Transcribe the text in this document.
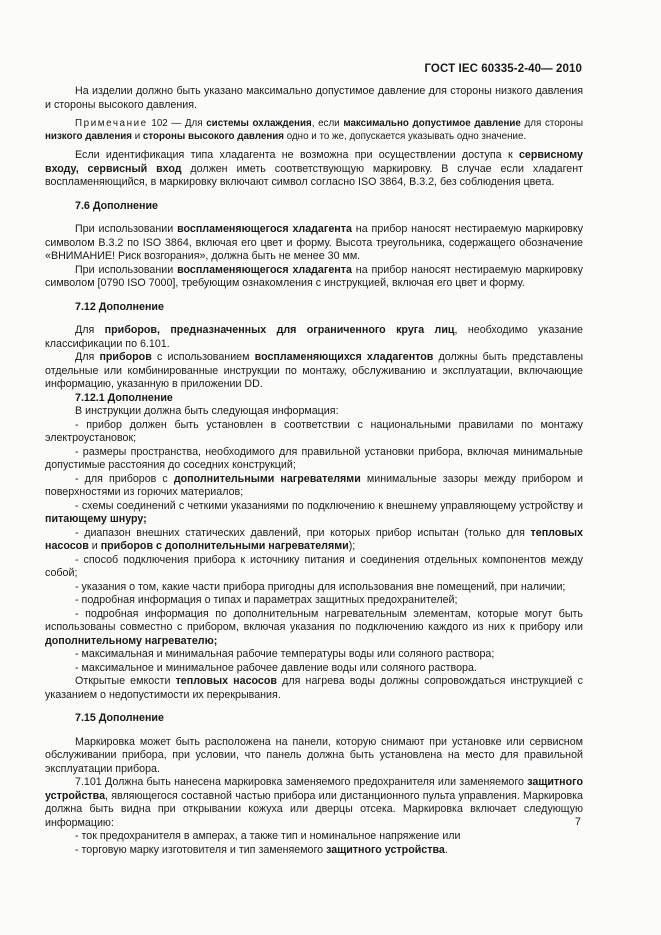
ГОСТ IEC 60335-2-40— 2010

На изделии должно быть указано максимально допустимое давление для стороны низкого давления и стороны высокого давления.

Примечание 102 — Для системы охлаждения, если максимально допустимое давление для стороны низкого давления и стороны высокого давления одно и то же, допускается указывать одно значение.

Если идентификация типа хладагента не возможна при осуществлении доступа к сервисному входу, сервисный вход должен иметь соответствующую маркировку. В случае если хладагент воспламеняющийся, в маркировку включают символ согласно ISO 3864, В.3.2, без соблюдения цвета.

7.6 Дополнение

При использовании воспламеняющегося хладагента на прибор наносят нестираемую маркировку символом В.3.2 по ISO 3864, включая его цвет и форму. Высота треугольника, содержащего обозначение «ВНИМАНИЕ! Риск возгорания», должна быть не менее 30 мм.

При использовании воспламеняющегося хладагента на прибор наносят нестираемую маркировку символом [0790 ISO 7000], требующим ознакомления с инструкцией, включая его цвет и форму.

7.12 Дополнение

Для приборов, предназначенных для ограниченного круга лиц, необходимо указание классификации по 6.101.

Для приборов с использованием воспламеняющихся хладагентов должны быть представлены отдельные или комбинированные инструкции по монтажу, обслуживанию и эксплуатации, включающие информацию, указанную в приложении DD.

7.12.1 Дополнение

В инструкции должна быть следующая информация:

- прибор должен быть установлен в соответствии с национальными правилами по монтажу электроустановок;

- размеры пространства, необходимого для правильной установки прибора, включая минимальные допустимые расстояния до соседних конструкций;

- для приборов с дополнительными нагревателями минимальные зазоры между прибором и поверхностями из горючих материалов;

- схемы соединений с четкими указаниями по подключению к внешнему управляющему устройству и питающему шнуру;

- диапазон внешних статических давлений, при которых прибор испытан (только для тепловых насосов и приборов с дополнительными нагревателями);

- способ подключения прибора к источнику питания и соединения отдельных компонентов между собой;

- указания о том, какие части прибора пригодны для использования вне помещений, при наличии;

- подробная информация о типах и параметрах защитных предохранителей;

- подробная информация по дополнительным нагревательным элементам, которые могут быть использованы совместно с прибором, включая указания по подключению каждого из них к прибору или дополнительному нагревателю;

- максимальная и минимальная рабочие температуры воды или соляного раствора;

- максимальное и минимальное рабочее давление воды или соляного раствора.

Открытые емкости тепловых насосов для нагрева воды должны сопровождаться инструкцией с указанием о недопустимости их перекрывания.

7.15 Дополнение

Маркировка может быть расположена на панели, которую снимают при установке или сервисном обслуживании прибора, при условии, что панель должна быть установлена на место для правильной эксплуатации прибора.

7.101 Должна быть нанесена маркировка заменяемого предохранителя или заменяемого защитного устройства, являющегося составной частью прибора или дистанционного пульта управления. Маркировка должна быть видна при открывании кожуха или дверцы отсека. Маркировка включает следующую информацию:

- ток предохранителя в амперах, а также тип и номинальное напряжение или

- торговую марку изготовителя и тип заменяемого защитного устройства.

7
